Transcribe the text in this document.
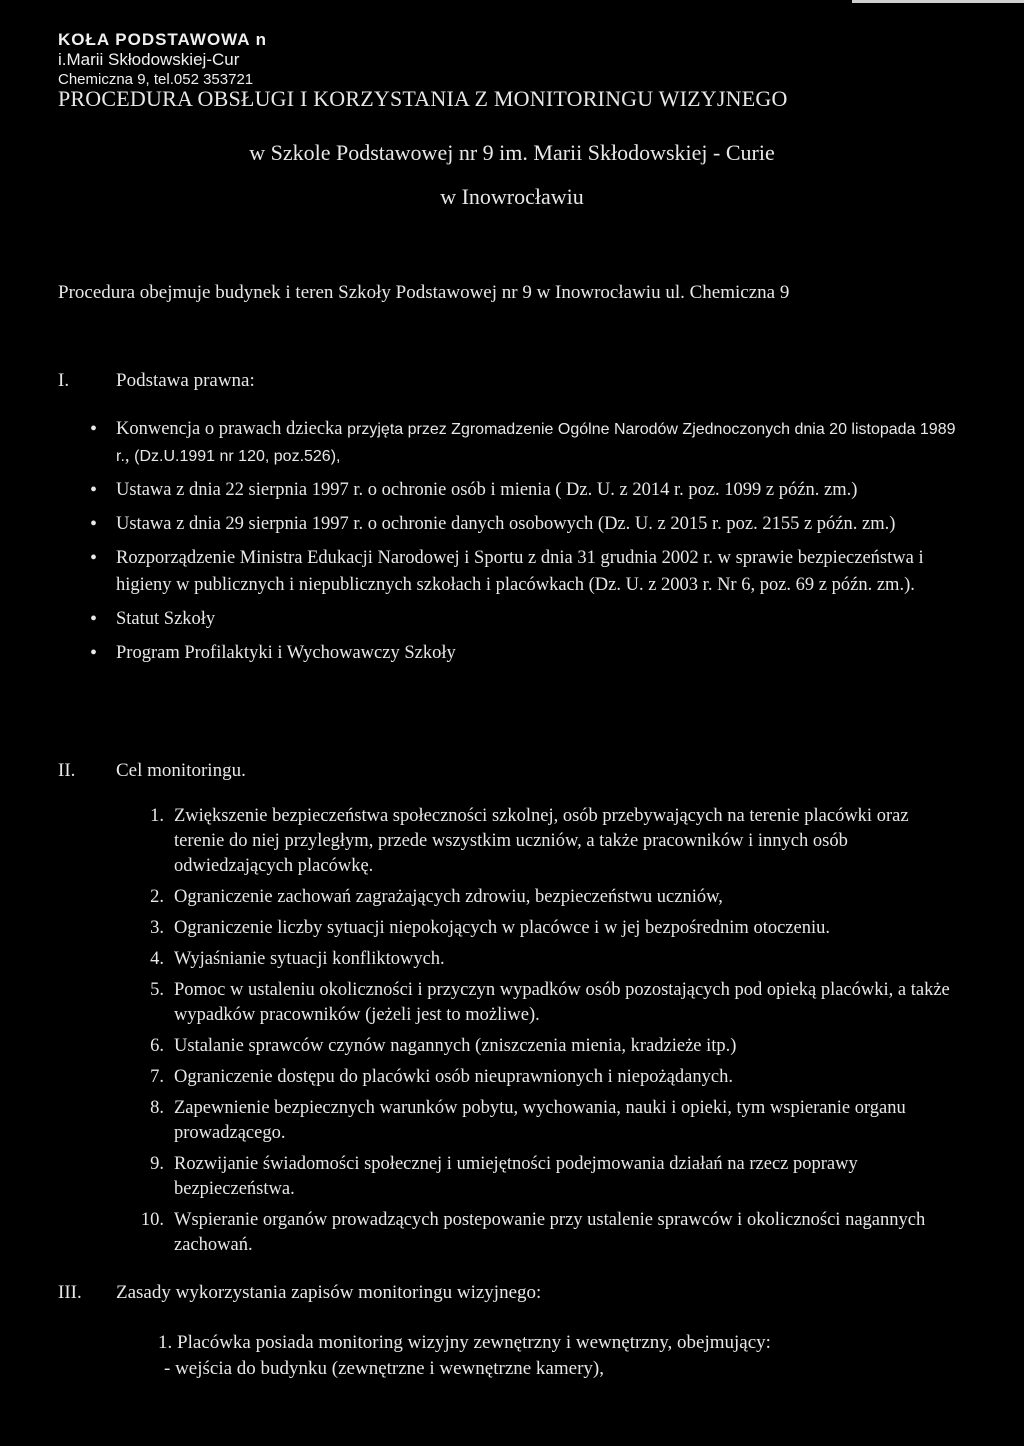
KOŁA PODSTAWOWA n
i.Marii Skłodowskiej-Cur
Chemiczna 9, tel.052 353721
PROCEDURA OBSŁUGI I KORZYSTANIA Z MONITORINGU WIZYJNEGO
w Szkole Podstawowej nr 9 im. Marii Skłodowskiej - Curie
w Inowrocławiu
Procedura obejmuje budynek i teren Szkoły Podstawowej nr 9 w Inowrocławiu ul. Chemiczna 9
I. Podstawa prawna:
• Konwencja o prawach dziecka przyjęta przez Zgromadzenie Ogólne Narodów Zjednoczonych dnia 20 listopada 1989 r., (Dz.U.1991 nr 120, poz.526),
• Ustawa z dnia 22 sierpnia 1997 r. o ochronie osób i mienia ( Dz. U. z 2014 r. poz. 1099 z późn. zm.)
• Ustawa z dnia 29 sierpnia 1997 r. o ochronie danych osobowych (Dz. U. z 2015 r. poz. 2155 z późn. zm.)
• Rozporządzenie Ministra Edukacji Narodowej i Sportu z dnia 31 grudnia 2002 r. w sprawie bezpieczeństwa i higieny w publicznych i niepublicznych szkołach i placówkach (Dz. U. z 2003 r. Nr 6, poz. 69 z późn. zm.).
• Statut Szkoły
• Program Profilaktyki i Wychowawczy Szkoły
II. Cel monitoringu.
1. Zwiększenie bezpieczeństwa społeczności szkolnej, osób przebywających na terenie placówki oraz terenie do niej przyległym, przede wszystkim uczniów, a także pracowników i innych osób odwiedzających placówkę.
2. Ograniczenie zachowań zagrażających zdrowiu, bezpieczeństwu uczniów,
3. Ograniczenie liczby sytuacji niepokojących w placówce i w jej bezpośrednim otoczeniu.
4. Wyjaśnianie sytuacji konfliktowych.
5. Pomoc w ustaleniu okoliczności i przyczyn wypadków osób pozostających pod opieką placówki, a także wypadków pracowników (jeżeli jest to możliwe).
6. Ustalanie sprawców czynów nagannych (zniszczenia mienia, kradzieże itp.)
7. Ograniczenie dostępu do placówki osób nieuprawnionych i niepożądanych.
8. Zapewnienie bezpiecznych warunków pobytu, wychowania, nauki i opieki, tym wspieranie organu prowadzącego.
9. Rozwijanie świadomości społecznej i umiejętności podejmowania działań na rzecz poprawy bezpieczeństwa.
10. Wspieranie organów prowadzących postepowanie przy ustalenie sprawców i okoliczności nagannych zachowań.
III. Zasady wykorzystania zapisów monitoringu wizyjnego:
1. Placówka posiada monitoring wizyjny zewnętrzny i wewnętrzny, obejmujący:
- wejścia do budynku (zewnętrzne i wewnętrzne kamery),
